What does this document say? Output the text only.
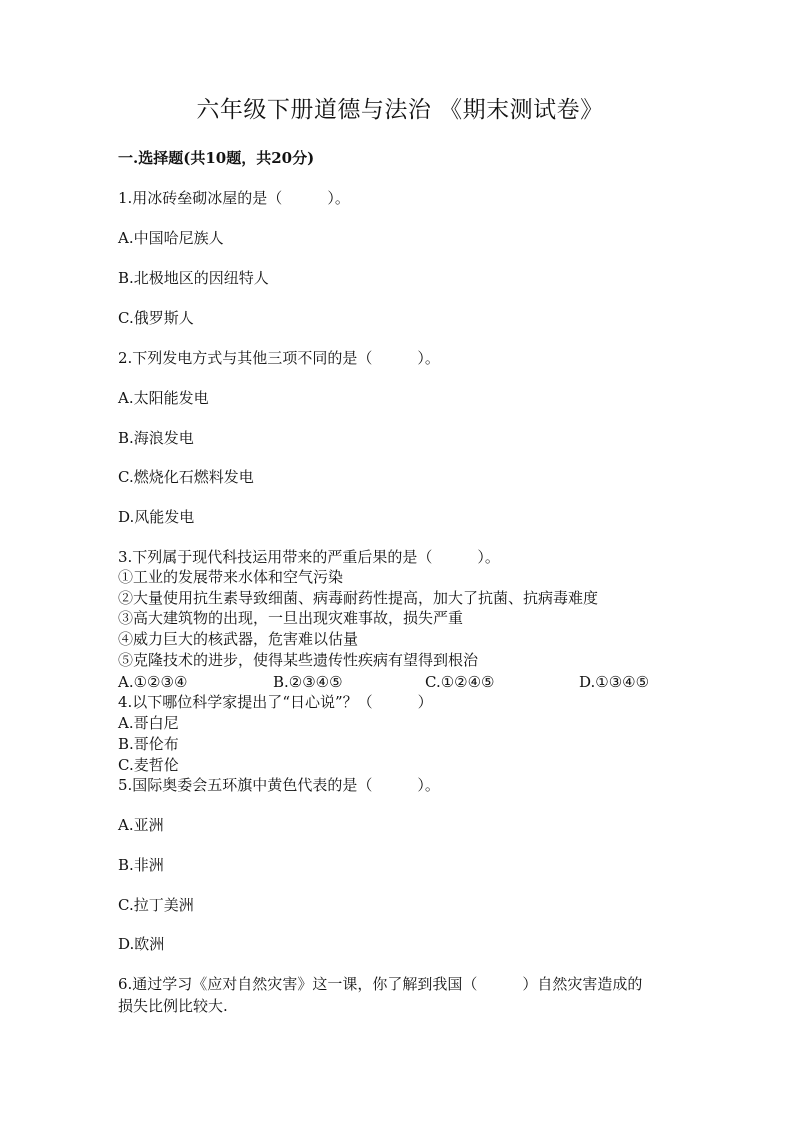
六年级下册道德与法治 《期末测试卷》
一.选择题(共10题，共20分)
1.用冰砖垒砌冰屋的是（　　　）。
A.中国哈尼族人
B.北极地区的因纽特人
C.俄罗斯人
2.下列发电方式与其他三项不同的是（　　　）。
A.太阳能发电
B.海浪发电
C.燃烧化石燃料发电
D.风能发电
3.下列属于现代科技运用带来的严重后果的是（　　　）。
①工业的发展带来水体和空气污染
②大量使用抗生素导致细菌、病毒耐药性提高，加大了抗菌、抗病毒难度
③高大建筑物的出现，一旦出现灾难事故，损失严重
④威力巨大的核武器，危害难以估量
⑤克隆技术的进步，使得某些遗传性疾病有望得到根治
A.①②③④	B.②③④⑤	C.①②④⑤	D.①③④⑤
4.以下哪位科学家提出了“日心说”？（　　　）
A.哥白尼
B.哥伦布
C.麦哲伦
5.国际奥委会五环旗中黄色代表的是（　　　）。
A.亚洲
B.非洲
C.拉丁美洲
D.欧洲
6.通过学习《应对自然灾害》这一课，你了解到我国（　　　）自然灾害造成的
损失比例比较大.
